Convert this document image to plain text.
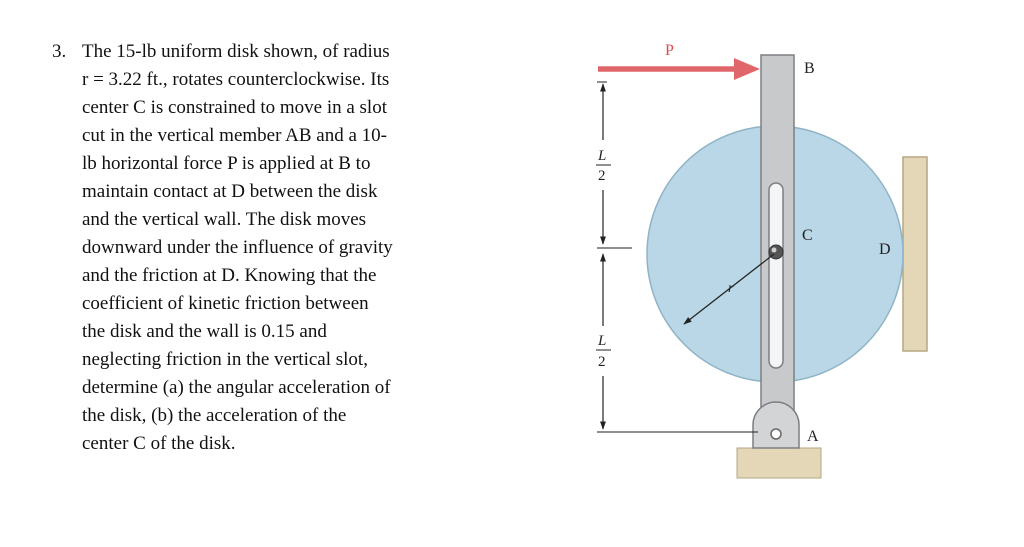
3. The 15-lb uniform disk shown, of radius
r = 3.22 ft., rotates counterclockwise. Its
center C is constrained to move in a slot
cut in the vertical member AB and a 10-
lb horizontal force P is applied at B to
maintain contact at D between the disk
and the vertical wall. The disk moves
downward under the influence of gravity
and the friction at D. Knowing that the
coefficient of kinetic friction between
the disk and the wall is 0.15 and
neglecting friction in the vertical slot,
determine (a) the angular acceleration of
the disk, (b) the acceleration of the
center C of the disk.
r
P
L
2
L
2
B
C
D
A
